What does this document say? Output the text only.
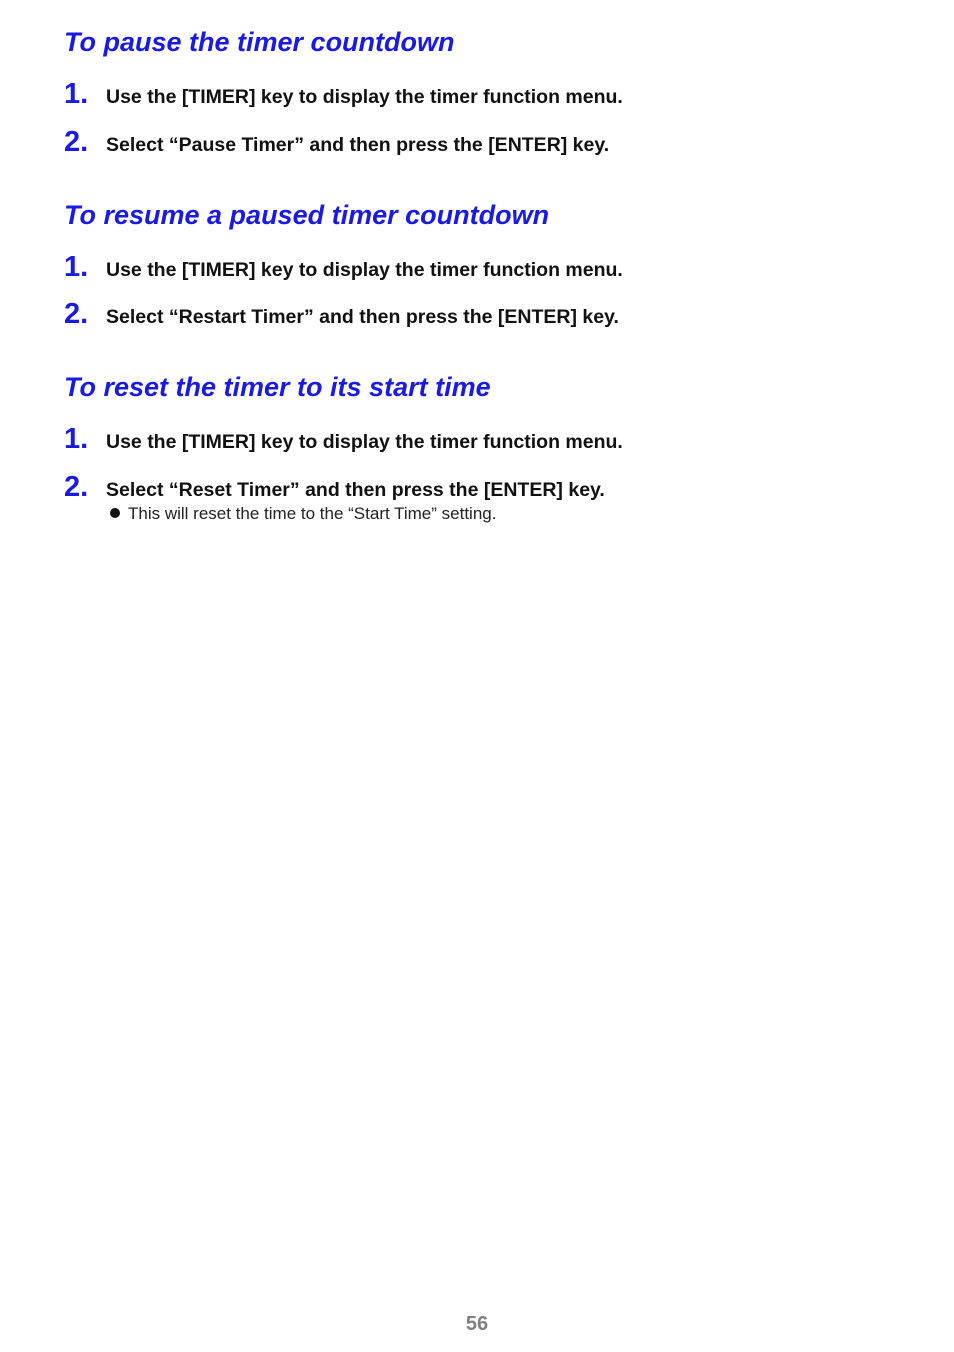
To pause the timer countdown
1. Use the [TIMER] key to display the timer function menu.
2. Select “Pause Timer” and then press the [ENTER] key.
To resume a paused timer countdown
1. Use the [TIMER] key to display the timer function menu.
2. Select “Restart Timer” and then press the [ENTER] key.
To reset the timer to its start time
1. Use the [TIMER] key to display the timer function menu.
2. Select “Reset Timer” and then press the [ENTER] key.
This will reset the time to the “Start Time” setting.
56
